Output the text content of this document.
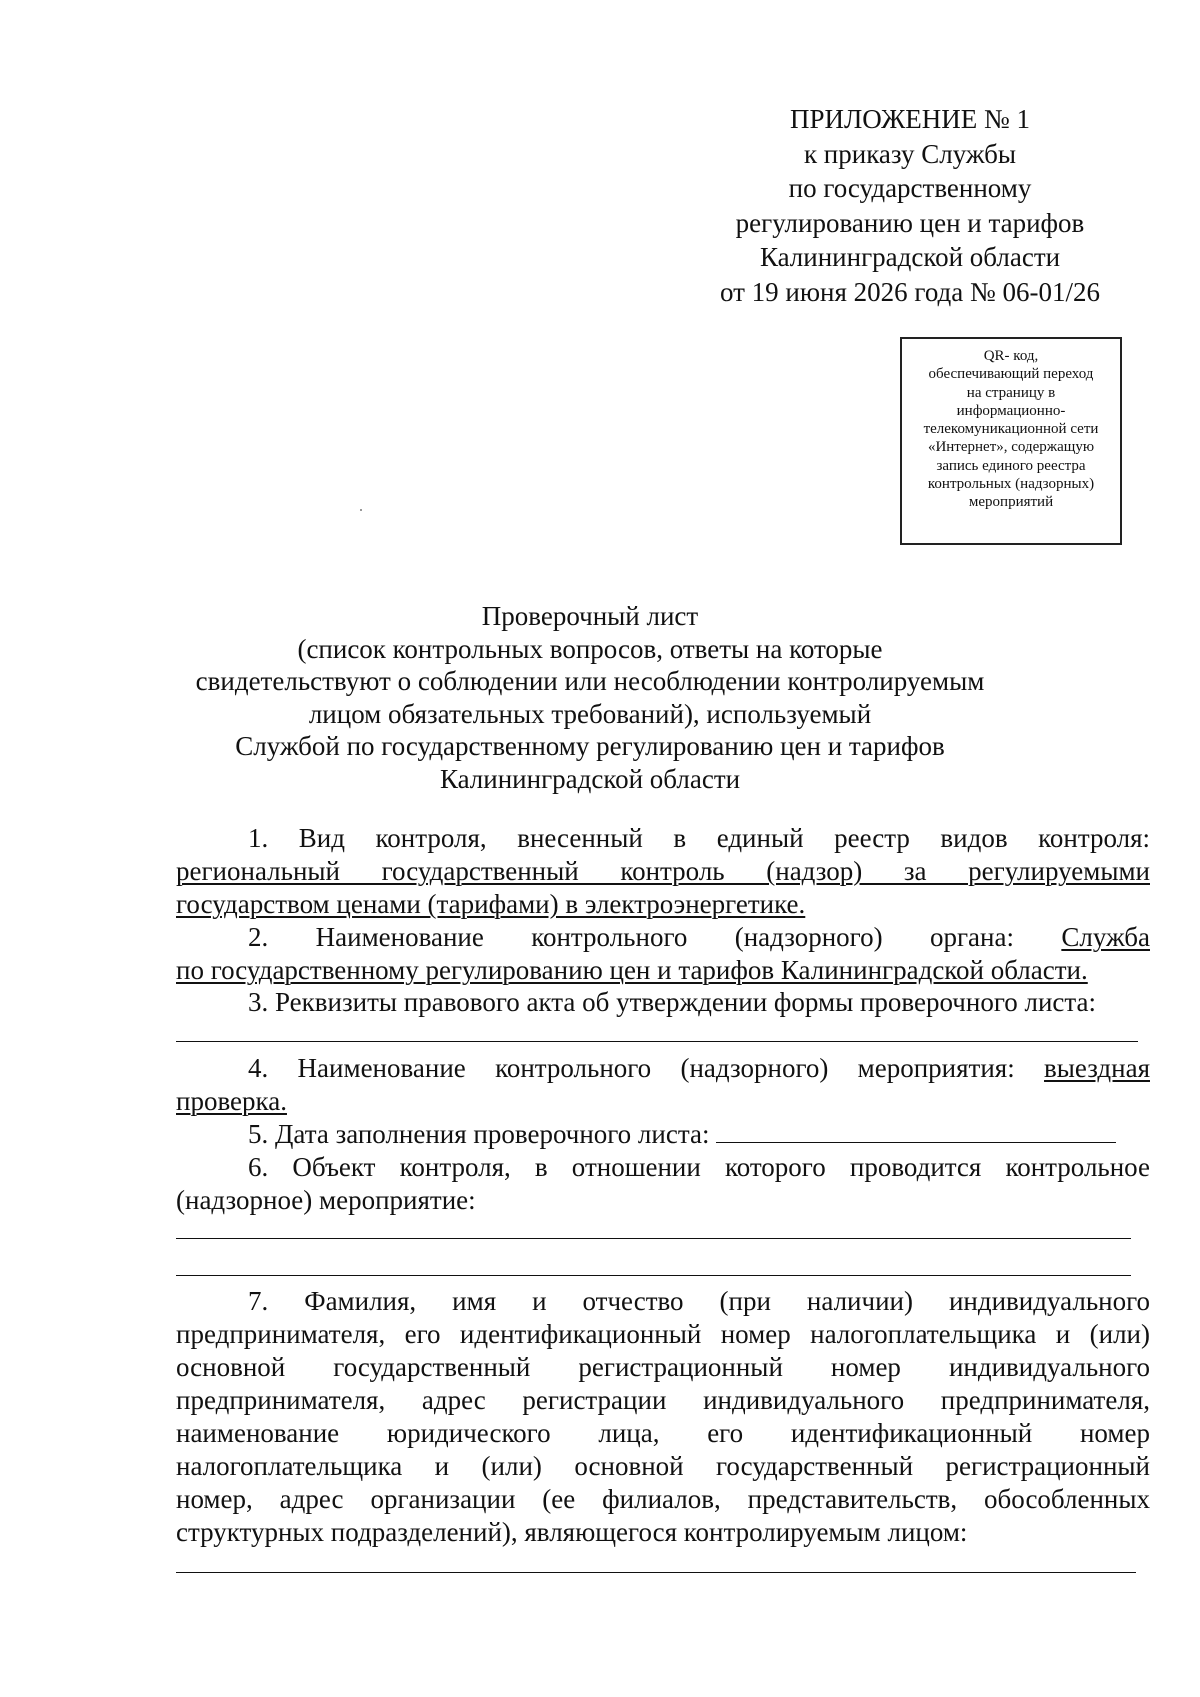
ПРИЛОЖЕНИЕ № 1
к приказу Службы
по государственному
регулированию цен и тарифов
Калининградской области
от 19 июня 2026 года № 06-01/26
QR- код,
обеспечивающий переход
на страницу в
информационно-
телекомуникационной сети
«Интернет», содержащую
запись единого реестра
контрольных (надзорных)
мероприятий
Проверочный лист
(список контрольных вопросов, ответы на которые
свидетельствуют о соблюдении или несоблюдении контролируемым
лицом обязательных требований), используемый
Службой по государственному регулированию цен и тарифов
Калининградской области
1. Вид контроля, внесенный в единый реестр видов контроля:
региональный государственный контроль (надзор) за регулируемыми
государством ценами (тарифами) в электроэнергетике.
2. Наименование контрольного (надзорного) органа: Служба
по государственному регулированию цен и тарифов Калининградской области.
3. Реквизиты правового акта об утверждении формы проверочного листа:
4. Наименование контрольного (надзорного) мероприятия: выездная
проверка.
5. Дата заполнения проверочного листа:
6. Объект контроля, в отношении которого проводится контрольное
(надзорное) мероприятие:
7. Фамилия, имя и отчество (при наличии) индивидуального
предпринимателя, его идентификационный номер налогоплательщика и (или)
основной государственный регистрационный номер индивидуального
предпринимателя, адрес регистрации индивидуального предпринимателя,
наименование юридического лица, его идентификационный номер
налогоплательщика и (или) основной государственный регистрационный
номер, адрес организации (ее филиалов, представительств, обособленных
структурных подразделений), являющегося контролируемым лицом:
